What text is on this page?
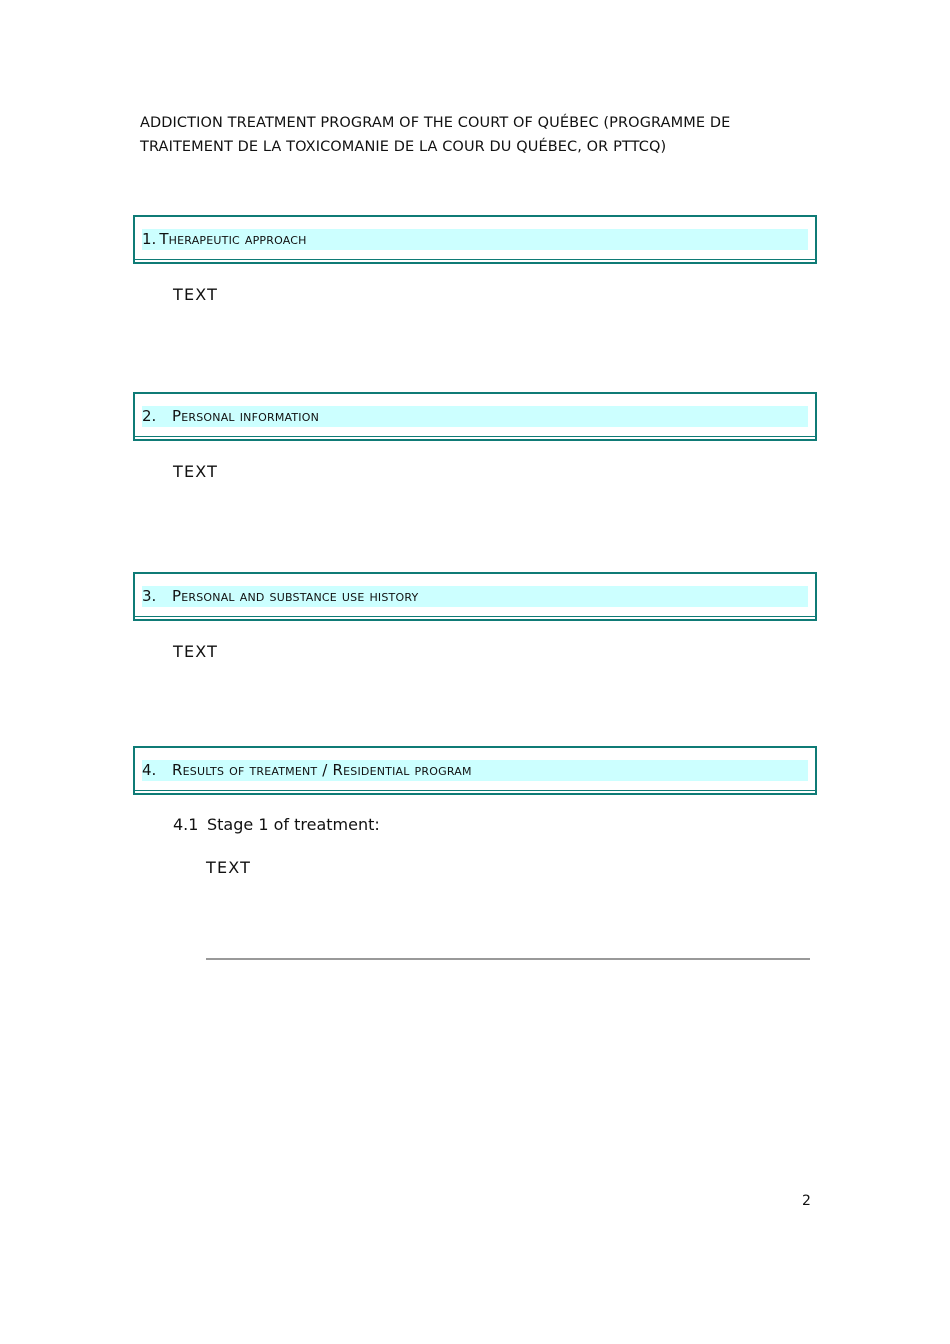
ADDICTION TREATMENT PROGRAM OF THE COURT OF QUÉBEC (PROGRAMME DE TRAITEMENT DE LA TOXICOMANIE DE LA COUR DU QUÉBEC, OR PTTCQ)
1. Therapeutic approach
TEXT
2.	Personal information
TEXT
3.	Personal and substance use history
TEXT
4.	Results of treatment / Residential program
4.1 Stage 1 of treatment:
TEXT
2
